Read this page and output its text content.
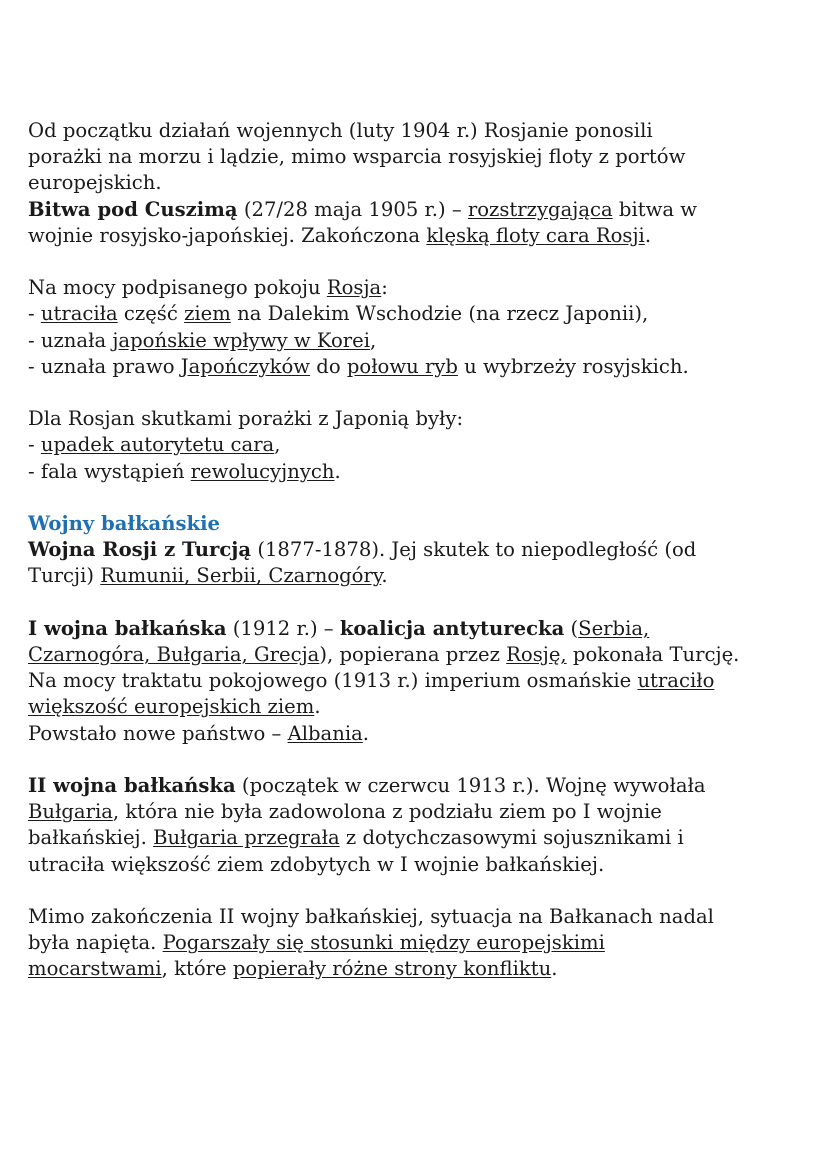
Od początku działań wojennych (luty 1904 r.) Rosjanie ponosili

porażki na morzu i lądzie, mimo wsparcia rosyjskiej floty z portów

europejskich.

Bitwa pod Cuszimą (27/28 maja 1905 r.) – rozstrzygająca bitwa w

wojnie rosyjsko-japońskiej. Zakończona klęską floty cara Rosji.

Na mocy podpisanego pokoju Rosja:

- utraciła część ziem na Dalekim Wschodzie (na rzecz Japonii),

- uznała japońskie wpływy w Korei,

- uznała prawo Japończyków do połowu ryb u wybrzeży rosyjskich.

Dla Rosjan skutkami porażki z Japonią były:

- upadek autorytetu cara,

- fala wystąpień rewolucyjnych.

Wojny bałkańskie

Wojna Rosji z Turcją (1877-1878). Jej skutek to niepodległość (od

Turcji) Rumunii, Serbii, Czarnogóry.

I wojna bałkańska (1912 r.) – koalicja antyturecka (Serbia,

Czarnogóra, Bułgaria, Grecja), popierana przez Rosję, pokonała Turcję.

Na mocy traktatu pokojowego (1913 r.) imperium osmańskie utraciło

większość europejskich ziem.

Powstało nowe państwo – Albania.

II wojna bałkańska (początek w czerwcu 1913 r.). Wojnę wywołała

Bułgaria, która nie była zadowolona z podziału ziem po I wojnie

bałkańskiej. Bułgaria przegrała z dotychczasowymi sojusznikami i

utraciła większość ziem zdobytych w I wojnie bałkańskiej.

Mimo zakończenia II wojny bałkańskiej, sytuacja na Bałkanach nadal

była napięta. Pogarszały się stosunki między europejskimi

mocarstwami, które popierały różne strony konfliktu.
